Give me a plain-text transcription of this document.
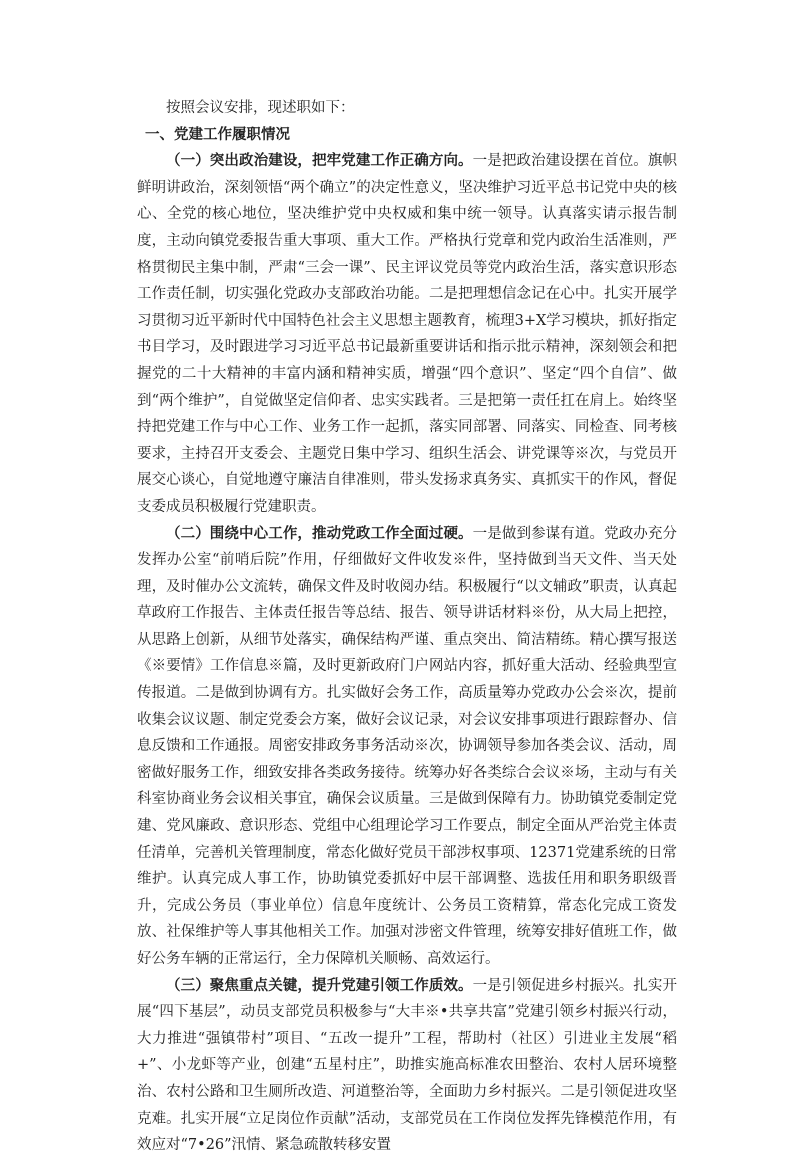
按照会议安排，现述职如下：

一、党建工作履职情况

（一）突出政治建设，把牢党建工作正确方向。一是把政治建设摆在首位。旗帜鲜明讲政治，深刻领悟“两个确立”的决定性意义，坚决维护习近平总书记党中央的核心、全党的核心地位，坚决维护党中央权威和集中统一领导。认真落实请示报告制度，主动向镇党委报告重大事项、重大工作。严格执行党章和党内政治生活准则，严格贯彻民主集中制，严肃“三会一课”、民主评议党员等党内政治生活，落实意识形态工作责任制，切实强化党政办支部政治功能。二是把理想信念记在心中。扎实开展学习贯彻习近平新时代中国特色社会主义思想主题教育，梳理3+X学习模块，抓好指定书目学习，及时跟进学习习近平总书记最新重要讲话和指示批示精神，深刻领会和把握党的二十大精神的丰富内涵和精神实质，增强“四个意识”、坚定“四个自信”、做到“两个维护”，自觉做坚定信仰者、忠实实践者。三是把第一责任扛在肩上。始终坚持把党建工作与中心工作、业务工作一起抓，落实同部署、同落实、同检查、同考核要求，主持召开支委会、主题党日集中学习、组织生活会、讲党课等※次，与党员开展交心谈心，自觉地遵守廉洁自律准则，带头发扬求真务实、真抓实干的作风，督促支委成员积极履行党建职责。

（二）围绕中心工作，推动党政工作全面过硬。一是做到参谋有道。党政办充分发挥办公室“前哨后院”作用，仔细做好文件收发※件，坚持做到当天文件、当天处理，及时催办公文流转，确保文件及时收阅办结。积极履行“以文辅政”职责，认真起草政府工作报告、主体责任报告等总结、报告、领导讲话材料※份，从大局上把控，从思路上创新，从细节处落实，确保结构严谨、重点突出、简洁精练。精心撰写报送《※要情》工作信息※篇，及时更新政府门户网站内容，抓好重大活动、经验典型宣传报道。二是做到协调有方。扎实做好会务工作，高质量筹办党政办公会※次，提前收集会议议题、制定党委会方案，做好会议记录，对会议安排事项进行跟踪督办、信息反馈和工作通报。周密安排政务事务活动※次，协调领导参加各类会议、活动，周密做好服务工作，细致安排各类政务接待。统筹办好各类综合会议※场，主动与有关科室协商业务会议相关事宜，确保会议质量。三是做到保障有力。协助镇党委制定党建、党风廉政、意识形态、党组中心组理论学习工作要点，制定全面从严治党主体责任清单，完善机关管理制度，常态化做好党员干部涉权事项、12371党建系统的日常维护。认真完成人事工作，协助镇党委抓好中层干部调整、选拔任用和职务职级晋升，完成公务员（事业单位）信息年度统计、公务员工资精算，常态化完成工资发放、社保维护等人事其他相关工作。加强对涉密文件管理，统筹安排好值班工作，做好公务车辆的正常运行，全力保障机关顺畅、高效运行。

（三）聚焦重点关键，提升党建引领工作质效。一是引领促进乡村振兴。扎实开展“四下基层”，动员支部党员积极参与“大丰※•共享共富”党建引领乡村振兴行动，大力推进“强镇带村”项目、“五改一提升”工程，帮助村（社区）引进业主发展“稻+”、小龙虾等产业，创建“五星村庄”，助推实施高标准农田整治、农村人居环境整治、农村公路和卫生厕所改造、河道整治等，全面助力乡村振兴。二是引领促进攻坚克难。扎实开展“立足岗位作贡献”活动，支部党员在工作岗位发挥先锋模范作用，有效应对“7•26”汛情、紧急疏散转移安置
